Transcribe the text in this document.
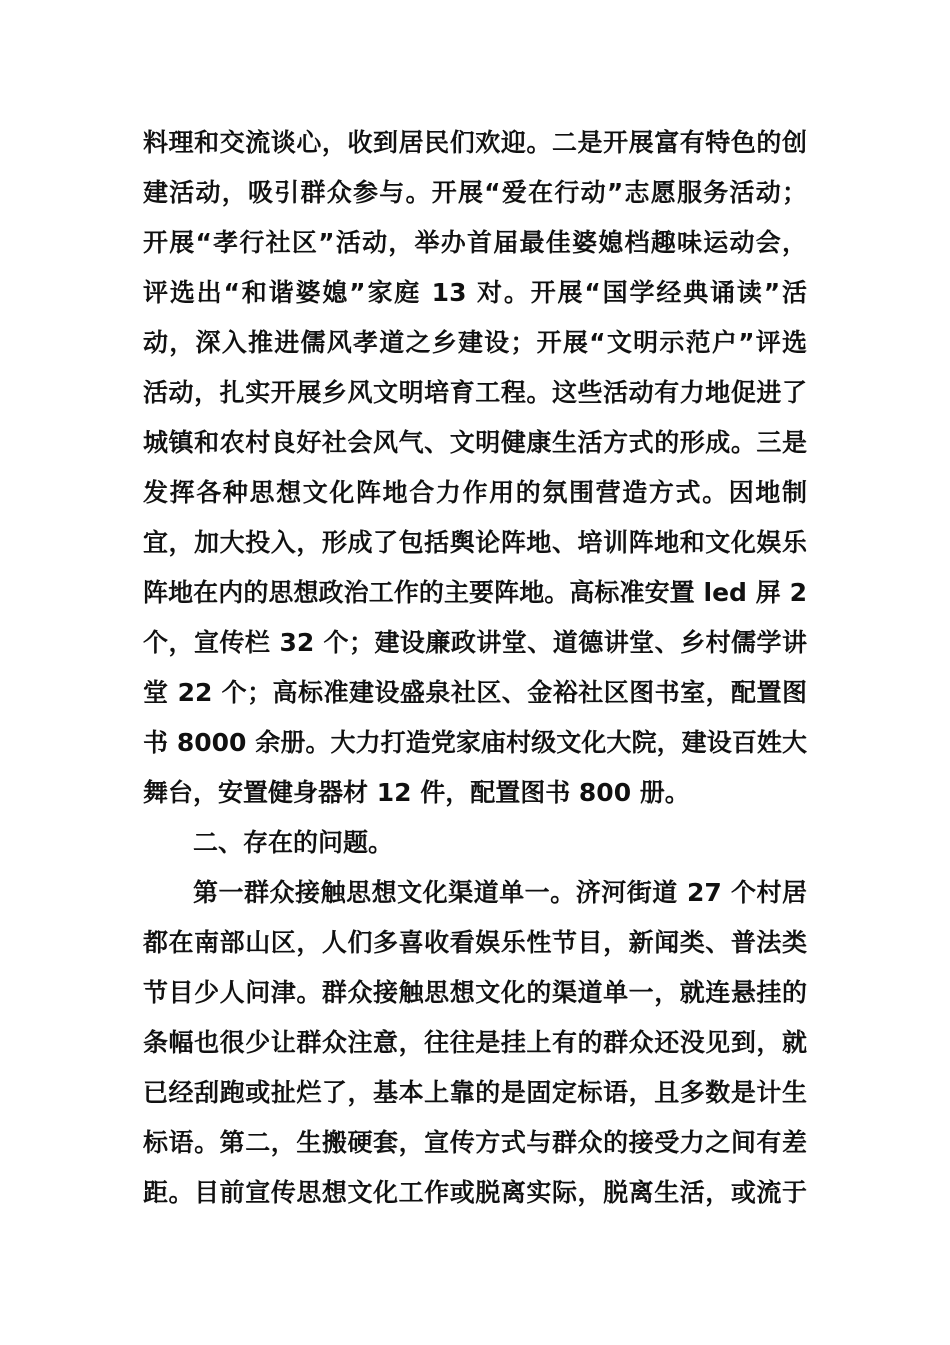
料理和交流谈心，收到居民们欢迎。二是开展富有特色的创
建活动，吸引群众参与。开展“爱在行动”志愿服务活动；
开展“孝行社区”活动，举办首届最佳婆媳档趣味运动会，
评选出“和谐婆媳”家庭 13 对。开展“国学经典诵读”活
动，深入推进儒风孝道之乡建设；开展“文明示范户”评选
活动，扎实开展乡风文明培育工程。这些活动有力地促进了
城镇和农村良好社会风气、文明健康生活方式的形成。三是
发挥各种思想文化阵地合力作用的氛围营造方式。因地制
宜，加大投入，形成了包括舆论阵地、培训阵地和文化娱乐
阵地在内的思想政治工作的主要阵地。高标准安置 led 屏 2
个，宣传栏 32 个；建设廉政讲堂、道德讲堂、乡村儒学讲
堂 22 个；高标准建设盛泉社区、金裕社区图书室，配置图
书 8000 余册。大力打造党家庙村级文化大院，建设百姓大
舞台，安置健身器材 12 件，配置图书 800 册。
二、存在的问题。
第一群众接触思想文化渠道单一。济河街道 27 个村居
都在南部山区，人们多喜收看娱乐性节目，新闻类、普法类
节目少人问津。群众接触思想文化的渠道单一，就连悬挂的
条幅也很少让群众注意，往往是挂上有的群众还没见到，就
已经刮跑或扯烂了，基本上靠的是固定标语，且多数是计生
标语。第二，生搬硬套，宣传方式与群众的接受力之间有差
距。目前宣传思想文化工作或脱离实际，脱离生活，或流于
